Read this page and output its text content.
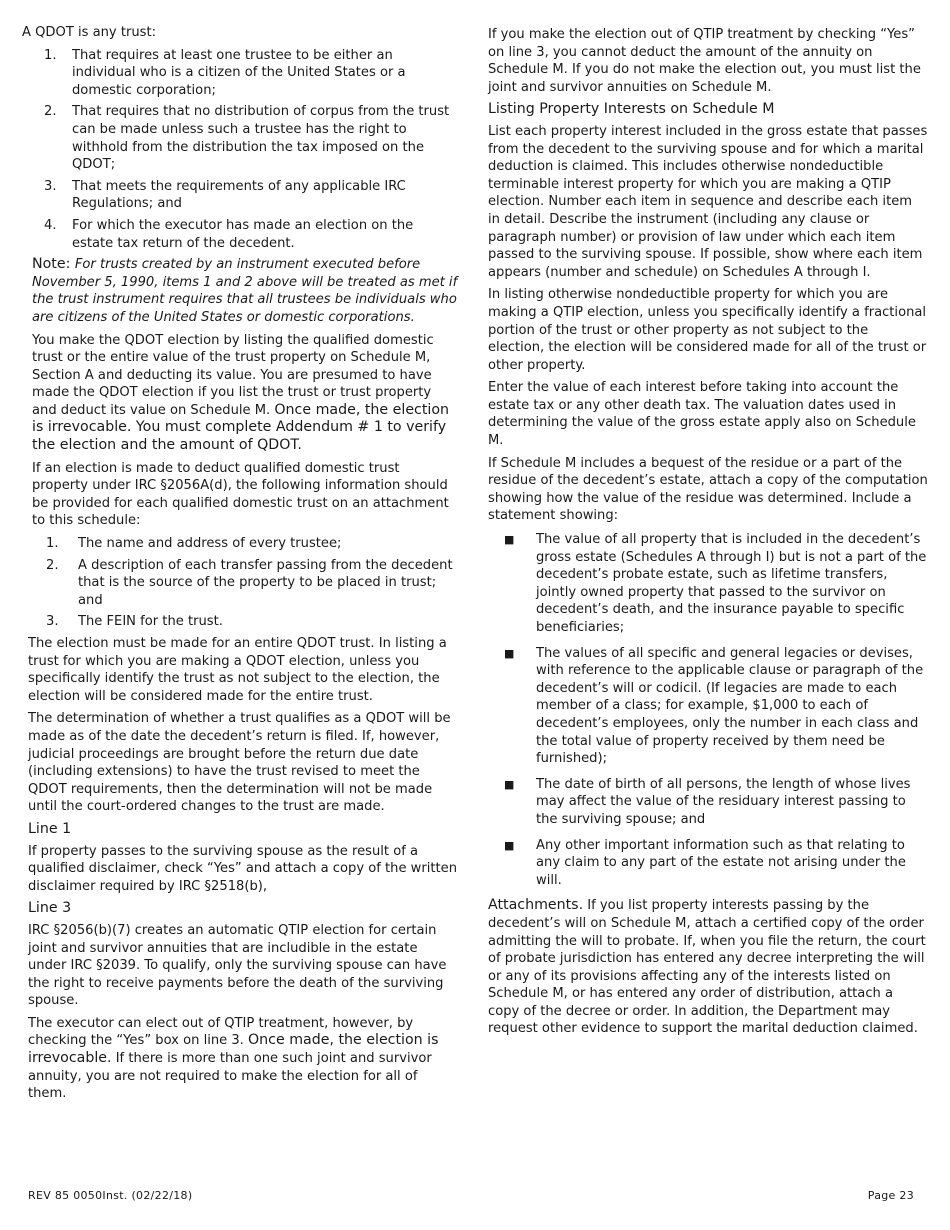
A QDOT is any trust:

1. That requires at least one trustee to be either an individual who is a citizen of the United States or a domestic corporation;
2. That requires that no distribution of corpus from the trust can be made unless such a trustee has the right to withhold from the distribution the tax imposed on the QDOT;
3. That meets the requirements of any applicable IRC Regulations; and
4. For which the executor has made an election on the estate tax return of the decedent.

Note: For trusts created by an instrument executed before November 5, 1990, items 1 and 2 above will be treated as met if the trust instrument requires that all trustees be individuals who are citizens of the United States or domestic corporations.

You make the QDOT election by listing the qualified domestic trust or the entire value of the trust property on Schedule M, Section A and deducting its value. You are presumed to have made the QDOT election if you list the trust or trust property and deduct its value on Schedule M. Once made, the election is irrevocable. You must complete Addendum # 1 to verify the election and the amount of QDOT.

If an election is made to deduct qualified domestic trust property under IRC §2056A(d), the following information should be provided for each qualified domestic trust on an attachment to this schedule:

1. The name and address of every trustee;
2. A description of each transfer passing from the decedent that is the source of the property to be placed in trust; and
3. The FEIN for the trust.

The election must be made for an entire QDOT trust. In listing a trust for which you are making a QDOT election, unless you specifically identify the trust as not subject to the election, the election will be considered made for the entire trust.

The determination of whether a trust qualifies as a QDOT will be made as of the date the decedent’s return is filed. If, however, judicial proceedings are brought before the return due date (including extensions) to have the trust revised to meet the QDOT requirements, then the determination will not be made until the court-ordered changes to the trust are made.

Line 1

If property passes to the surviving spouse as the result of a qualified disclaimer, check “Yes” and attach a copy of the written disclaimer required by IRC §2518(b),

Line 3

IRC §2056(b)(7) creates an automatic QTIP election for certain joint and survivor annuities that are includible in the estate under IRC §2039. To qualify, only the surviving spouse can have the right to receive payments before the death of the surviving spouse.

The executor can elect out of QTIP treatment, however, by checking the “Yes” box on line 3. Once made, the election is irrevocable. If there is more than one such joint and survivor annuity, you are not required to make the election for all of them.

If you make the election out of QTIP treatment by checking “Yes” on line 3, you cannot deduct the amount of the annuity on Schedule M. If you do not make the election out, you must list the joint and survivor annuities on Schedule M.

Listing Property Interests on Schedule M

List each property interest included in the gross estate that passes from the decedent to the surviving spouse and for which a marital deduction is claimed. This includes otherwise nondeductible terminable interest property for which you are making a QTIP election. Number each item in sequence and describe each item in detail. Describe the instrument (including any clause or paragraph number) or provision of law under which each item passed to the surviving spouse. If possible, show where each item appears (number and schedule) on Schedules A through I.

In listing otherwise nondeductible property for which you are making a QTIP election, unless you specifically identify a fractional portion of the trust or other property as not subject to the election, the election will be considered made for all of the trust or other property.

Enter the value of each interest before taking into account the estate tax or any other death tax. The valuation dates used in determining the value of the gross estate apply also on Schedule M.

If Schedule M includes a bequest of the residue or a part of the residue of the decedent’s estate, attach a copy of the computation showing how the value of the residue was determined. Include a statement showing:

■ The value of all property that is included in the decedent’s gross estate (Schedules A through I) but is not a part of the decedent’s probate estate, such as lifetime transfers, jointly owned property that passed to the survivor on decedent’s death, and the insurance payable to specific beneficiaries;
■ The values of all specific and general legacies or devises, with reference to the applicable clause or paragraph of the decedent’s will or codicil. (If legacies are made to each member of a class; for example, $1,000 to each of decedent’s employees, only the number in each class and the total value of property received by them need be furnished);
■ The date of birth of all persons, the length of whose lives may affect the value of the residuary interest passing to the surviving spouse; and
■ Any other important information such as that relating to any claim to any part of the estate not arising under the will.

Attachments. If you list property interests passing by the decedent’s will on Schedule M, attach a certified copy of the order admitting the will to probate. If, when you file the return, the court of probate jurisdiction has entered any decree interpreting the will or any of its provisions affecting any of the interests listed on Schedule M, or has entered any order of distribution, attach a copy of the decree or order. In addition, the Department may request other evidence to support the marital deduction claimed.

REV 85 0050Inst. (02/22/18)	Page 23
